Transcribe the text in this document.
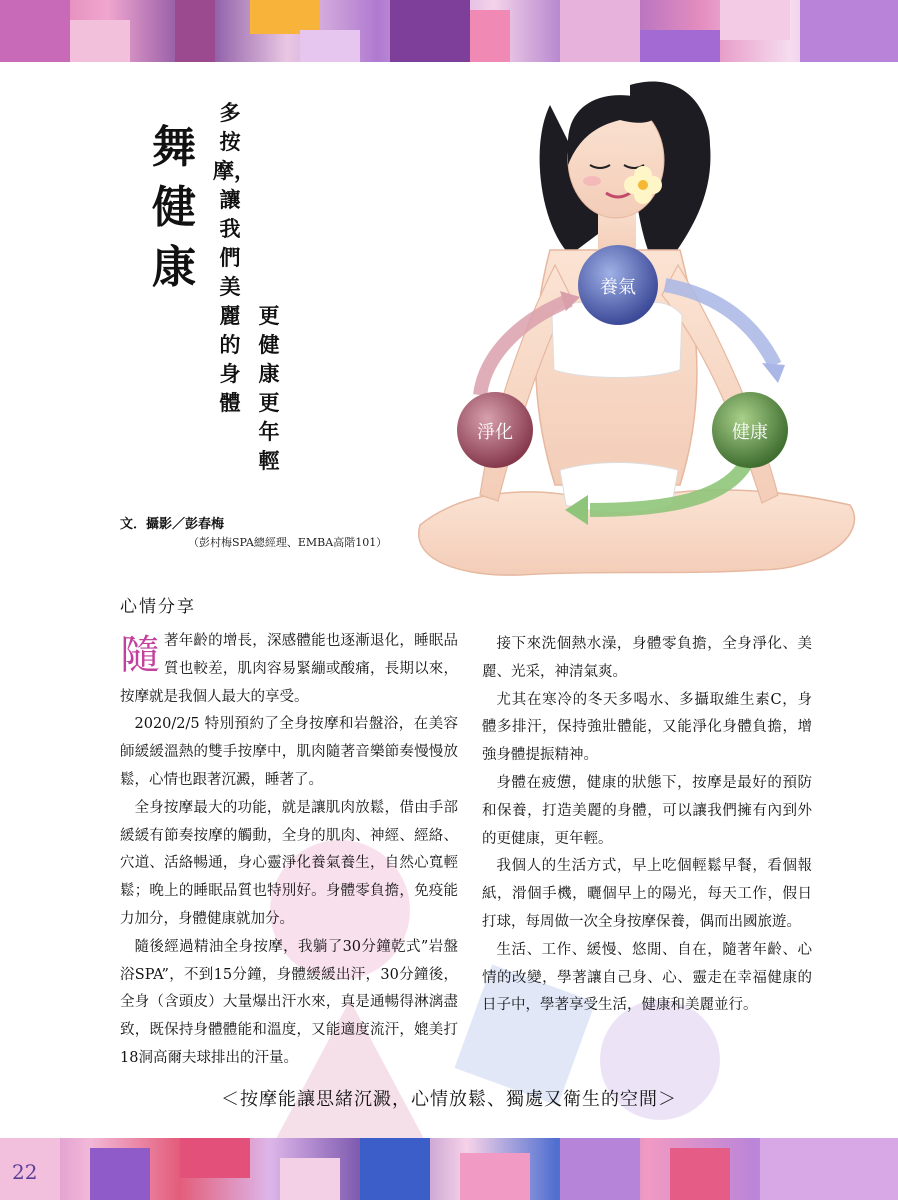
舞健康
多按摩，讓我們美麗的身體
更健康 更年輕
文．攝影／彭春梅
（彭村梅SPA總經理、EMBA高階101）
養氣
健康
淨化
心情分享

隨著年齡的增長，深感體能也逐漸退化，睡眠品質也較差，肌肉容易緊繃或酸痛，長期以來，按摩就是我個人最大的享受。

2020/2/5 特別預約了全身按摩和岩盤浴，在美容師緩緩溫熱的雙手按摩中，肌肉隨著音樂節奏慢慢放鬆，心情也跟著沉澱，睡著了。

全身按摩最大的功能，就是讓肌肉放鬆，借由手部緩緩有節奏按摩的觸動，全身的肌肉、神經、經絡、穴道、活絡暢通，身心靈淨化養氣養生，自然心寬輕鬆；晚上的睡眠品質也特別好。身體零負擔，免疫能力加分，身體健康就加分。

隨後經過精油全身按摩，我躺了30分鐘乾式”岩盤浴SPA”，不到15分鐘，身體緩緩出汗，30分鐘後，全身（含頭皮）大量爆出汗水來，真是通暢得淋漓盡致，既保持身體體能和溫度，又能適度流汗，媲美打18洞高爾夫球排出的汗量。

接下來洗個熱水澡，身體零負擔，全身淨化、美麗、光采，神清氣爽。

尤其在寒冷的冬天多喝水、多攝取維生素C，身體多排汗，保持強壯體能，又能淨化身體負擔，增強身體提振精神。

身體在疲憊，健康的狀態下，按摩是最好的預防和保養，打造美麗的身體，可以讓我們擁有內到外的更健康，更年輕。

我個人的生活方式，早上吃個輕鬆早餐，看個報紙，滑個手機，曬個早上的陽光，每天工作，假日打球，每周做一次全身按摩保養，偶而出國旅遊。

生活、工作、緩慢、悠閒、自在，隨著年齡、心情的改變，學著讓自己身、心、靈走在幸福健康的日子中，學著享受生活，健康和美麗並行。

＜按摩能讓思緒沉澱，心情放鬆、獨處又衛生的空間＞
22
